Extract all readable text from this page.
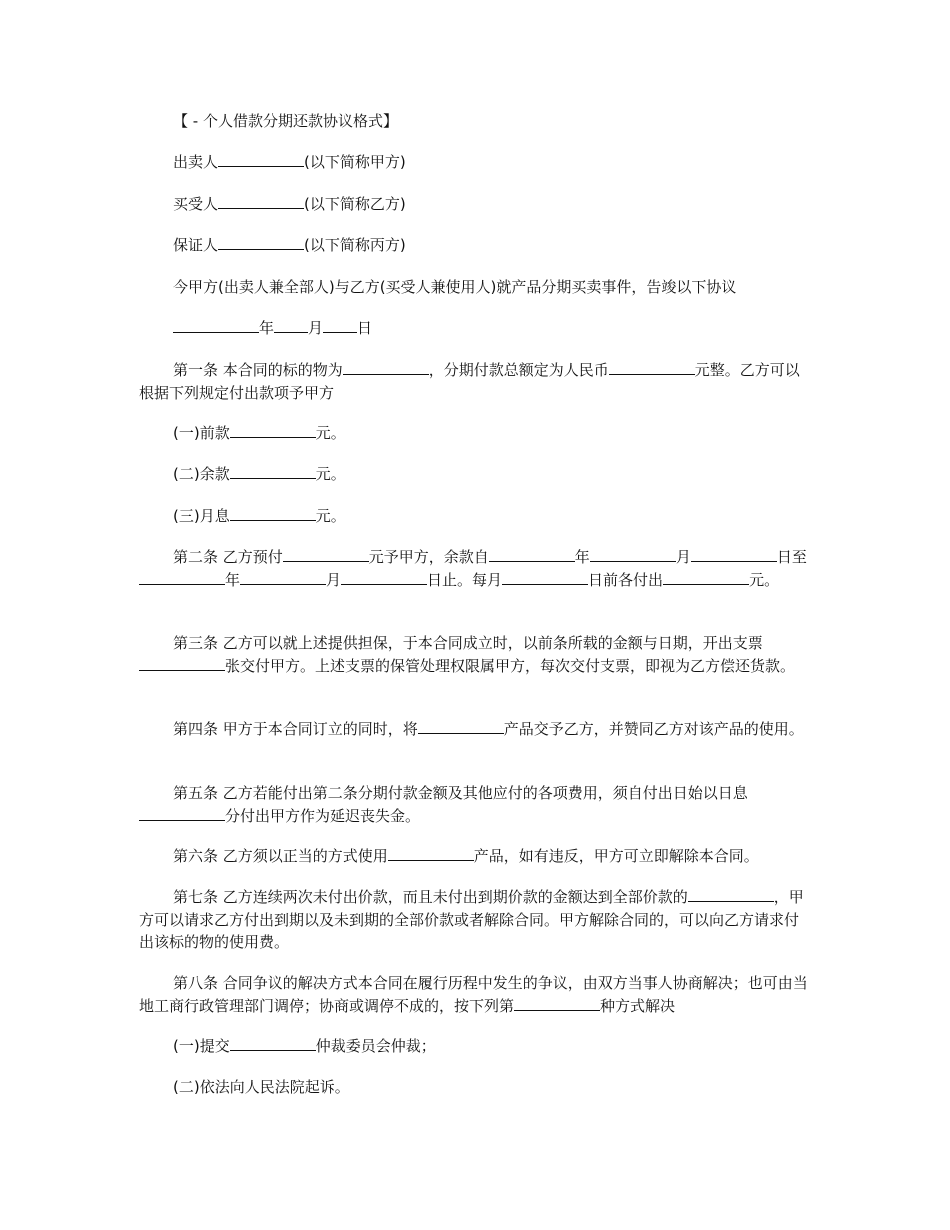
【 - 个人借款分期还款协议格式】

出卖人	(以下简称甲方)

买受人	(以下简称乙方)

保证人	(以下简称丙方)

今甲方(出卖人兼全部人)与乙方(买受人兼使用人)就产品分期买卖事件，告竣以下协议

年 月 日

第一条 本合同的标的物为	，分期付款总额定为人民币	元整。乙方可以根据下列规定付出款项予甲方

(一)前款	元。

(二)余款	元。

(三)月息	元。

第二条 乙方预付	元予甲方，余款自	年	月	日至年	月	日止。每月	日前各付出	元。

第三条 乙方可以就上述提供担保，于本合同成立时，以前条所载的金额与日期，开出支票张交付甲方。上述支票的保管处理权限属甲方，每次交付支票，即视为乙方偿还货款。

第四条 甲方于本合同订立的同时，将	产品交予乙方，并赞同乙方对该产品的使用。

第五条 乙方若能付出第二条分期付款金额及其他应付的各项费用，须自付出日始以日息分付出甲方作为延迟丧失金。

第六条 乙方须以正当的方式使用	产品，如有违反，甲方可立即解除本合同。

第七条 乙方连续两次未付出价款，而且未付出到期价款的金额达到全部价款的	，甲方可以请求乙方付出到期以及未到期的全部价款或者解除合同。甲方解除合同的，可以向乙方请求付出该标的物的使用费。

第八条 合同争议的解决方式本合同在履行历程中发生的争议，由双方当事人协商解决；也可由当地工商行政管理部门调停；协商或调停不成的，按下列第	种方式解决

(一)提交	仲裁委员会仲裁；

(二)依法向人民法院起诉。
